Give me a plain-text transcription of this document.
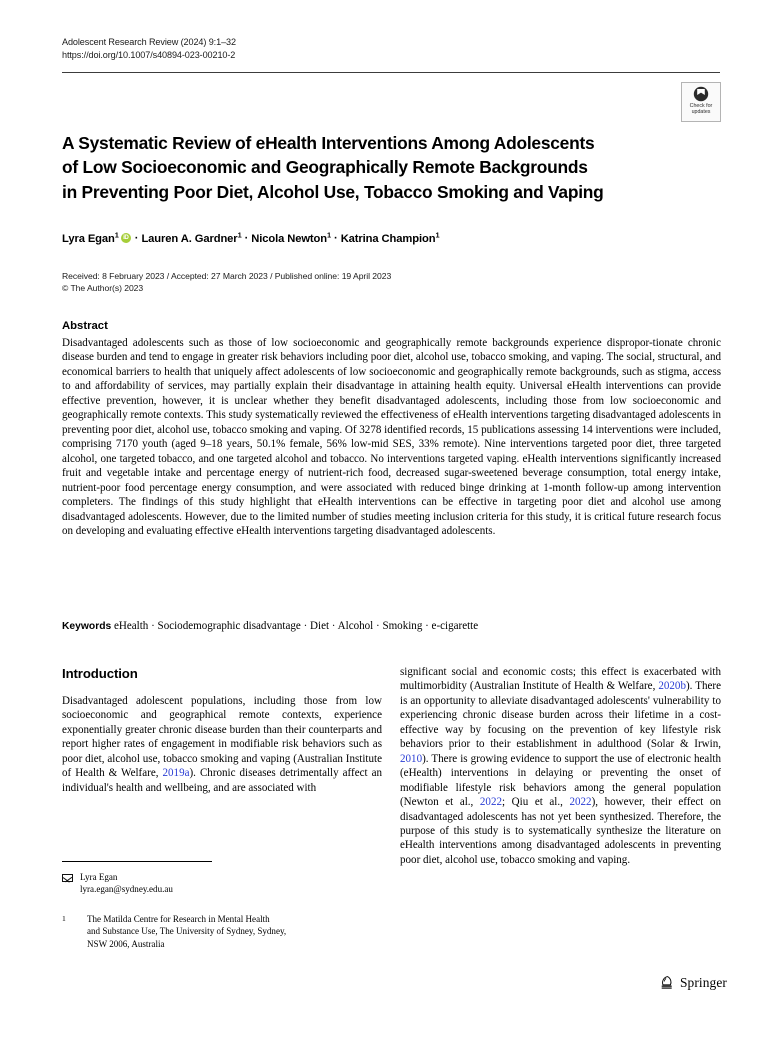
Adolescent Research Review (2024) 9:1–32
https://doi.org/10.1007/s40894-023-00210-2
Check for
updates
A Systematic Review of eHealth Interventions Among Adolescents
of Low Socioeconomic and Geographically Remote Backgrounds
in Preventing Poor Diet, Alcohol Use, Tobacco Smoking and Vaping
Lyra Egan$^1$iD · Lauren A. Gardner$^1$ · Nicola Newton$^1$ · Katrina Champion$^1$
Received: 8 February 2023 / Accepted: 27 March 2023 / Published online: 19 April 2023
© The Author(s) 2023
Abstract
Disadvantaged adolescents such as those of low socioeconomic and geographically remote backgrounds experience dispropor-tionate chronic disease burden and tend to engage in greater risk behaviors including poor diet, alcohol use, tobacco smoking, and vaping. The social, structural, and economical barriers to health that uniquely affect adolescents of low socioeconomic and geographically remote backgrounds, such as stigma, access to and affordability of services, may partially explain their disadvantage in attaining health equity. Universal eHealth interventions can provide effective prevention, however, it is unclear whether they benefit disadvantaged adolescents, including those from low socioeconomic and geographically remote contexts. This study systematically reviewed the effectiveness of eHealth interventions targeting disadvantaged adolescents in preventing poor diet, alcohol use, tobacco smoking and vaping. Of 3278 identified records, 15 publications assessing 14 interventions were included, comprising 7170 youth (aged 9–18 years, 50.1% female, 56% low-mid SES, 33% remote). Nine interventions targeted poor diet, three targeted alcohol, one targeted tobacco, and one targeted alcohol and tobacco. No interventions targeted vaping. eHealth interventions significantly increased fruit and vegetable intake and percentage energy of nutrient-rich food, decreased sugar-sweetened beverage consumption, total energy intake, nutrient-poor food percentage energy consumption, and were associated with reduced binge drinking at 1-month follow-up among intervention completers. The findings of this study highlight that eHealth interventions can be effective in targeting poor diet and alcohol use among disadvantaged adolescents. However, due to the limited number of studies meeting inclusion criteria for this study, it is critical future research focus on developing and evaluating effective eHealth interventions targeting disadvantaged adolescents.
Keywords eHealth · Sociodemographic disadvantage · Diet · Alcohol · Smoking · e-cigarette
Introduction

Disadvantaged adolescent populations, including those from low socioeconomic and geographical remote contexts, experience exponentially greater chronic disease burden than their counterparts and report higher rates of engagement in modifiable risk behaviors such as poor diet, alcohol use, tobacco smoking and vaping (Australian Institute of Health & Welfare, 2019a). Chronic diseases detrimentally affect an individual's health and wellbeing, and are associated with

significant social and economic costs; this effect is exacerbated with multimorbidity (Australian Institute of Health & Welfare, 2020b). There is an opportunity to alleviate disadvantaged adolescents' vulnerability to experiencing chronic disease burden across their lifetime in a cost-effective way by focusing on the prevention of key lifestyle risk behaviors prior to their establishment in adulthood (Solar & Irwin, 2010). There is growing evidence to support the use of electronic health (eHealth) interventions in delaying or preventing the onset of modifiable lifestyle risk behaviors among the general population (Newton et al., 2022; Qiu et al., 2022), however, their effect on disadvantaged adolescents has not yet been synthesized. Therefore, the purpose of this study is to systematically synthesize the literature on eHealth interventions among disadvantaged adolescents in preventing poor diet, alcohol use, tobacco smoking and vaping.

Lyra Egan
lyra.egan@sydney.edu.au
1	The Matilda Centre for Research in Mental Health
and Substance Use, The University of Sydney, Sydney,
NSW 2006, Australia
Springer
